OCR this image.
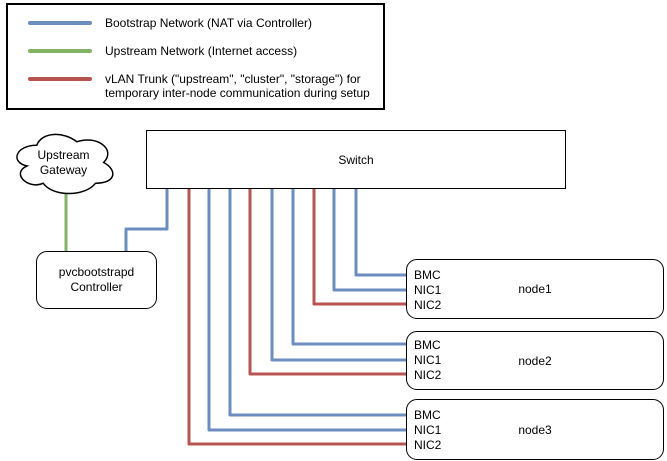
Bootstrap Network (NAT via Controller)
Upstream Network (Internet access)
vLAN Trunk ("upstream", "cluster", "storage") for
temporary inter-node communication during setup
Upstream
Gateway
Switch
pvcbootstrapd
Controller
BMC
NIC1
NIC2
node1
BMC
NIC1
NIC2
node2
BMC
NIC1
NIC2
node3
